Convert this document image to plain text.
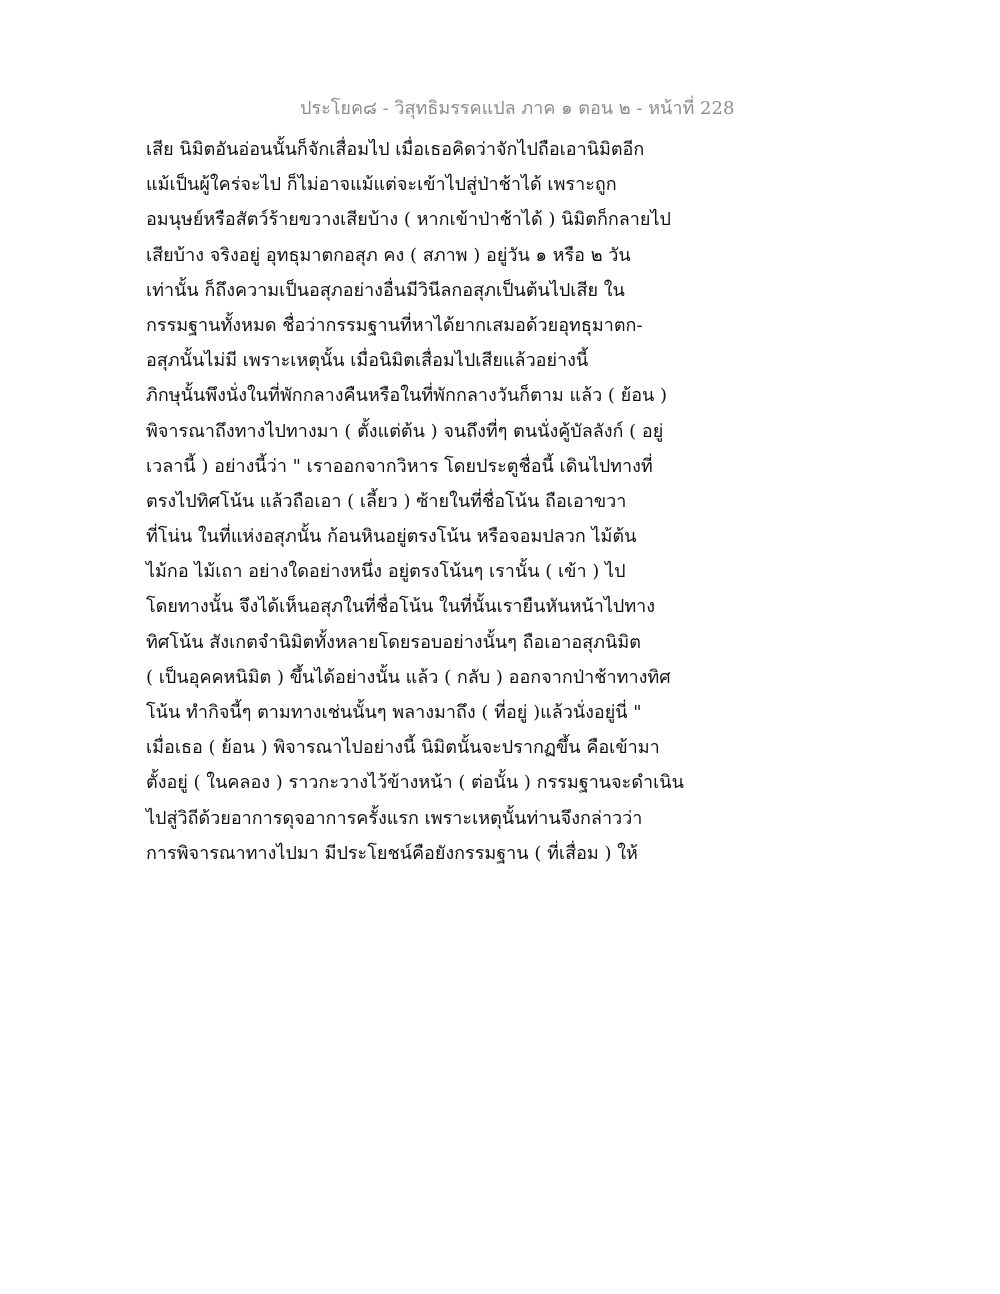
ประโยค๘ - วิสุทธิมรรคแปล ภาค ๑ ตอน ๒ - หน้าที่ 228
เสีย นิมิตอันอ่อนนั้นก็จักเสื่อมไป เมื่อเธอคิดว่าจักไปถือเอานิมิตอีก
แม้เป็นผู้ใคร่จะไป ก็ไม่อาจแม้แต่จะเข้าไปสู่ป่าช้าได้ เพราะถูก
อมนุษย์หรือสัตว์ร้ายขวางเสียบ้าง ( หากเข้าป่าช้าได้ ) นิมิตก็กลายไป
เสียบ้าง จริงอยู่ อุทธุมาตกอสุภ คง ( สภาพ ) อยู่วัน ๑ หรือ ๒ วัน
เท่านั้น ก็ถึงความเป็นอสุภอย่างอื่นมีวินีลกอสุภเป็นต้นไปเสีย ใน
กรรมฐานทั้งหมด ชื่อว่ากรรมฐานที่หาได้ยากเสมอด้วยอุทธุมาตก-
อสุภนั้นไม่มี เพราะเหตุนั้น เมื่อนิมิตเสื่อมไปเสียแล้วอย่างนี้
ภิกษุนั้นพึงนั่งในที่พักกลางคืนหรือในที่พักกลางวันก็ตาม แล้ว ( ย้อน )
พิจารณาถึงทางไปทางมา ( ตั้งแต่ต้น ) จนถึงที่ๆ ตนนั่งคู้บัลลังก์ ( อยู่
เวลานี้ ) อย่างนี้ว่า " เราออกจากวิหาร โดยประตูชื่อนี้ เดินไปทางที่
ตรงไปทิศโน้น แล้วถือเอา ( เลี้ยว ) ซ้ายในที่ชื่อโน้น ถือเอาขวา
ที่โน่น ในที่แห่งอสุภนั้น ก้อนหินอยู่ตรงโน้น หรือจอมปลวก ไม้ต้น
ไม้กอ ไม้เถา อย่างใดอย่างหนึ่ง อยู่ตรงโน้นๆ เรานั้น ( เข้า ) ไป
โดยทางนั้น จึงได้เห็นอสุภในที่ชื่อโน้น ในที่นั้นเรายืนหันหน้าไปทาง
ทิศโน้น สังเกตจำนิมิตทั้งหลายโดยรอบอย่างนั้นๆ ถือเอาอสุภนิมิต
( เป็นอุคคหนิมิต ) ขึ้นได้อย่างนั้น แล้ว ( กลับ ) ออกจากป่าช้าทางทิศ
โน้น ทำกิจนี้ๆ ตามทางเช่นนั้นๆ พลางมาถึง ( ที่อยู่ )แล้วนั่งอยู่นี่ "
เมื่อเธอ ( ย้อน ) พิจารณาไปอย่างนี้ นิมิตนั้นจะปรากฏขึ้น คือเข้ามา
ตั้งอยู่ ( ในคลอง ) ราวกะวางไว้ข้างหน้า ( ต่อนั้น ) กรรมฐานจะดำเนิน
ไปสู่วิถีด้วยอาการดุจอาการครั้งแรก เพราะเหตุนั้นท่านจึงกล่าวว่า
การพิจารณาทางไปมา มีประโยชน์คือยังกรรมฐาน ( ที่เสื่อม ) ให้
